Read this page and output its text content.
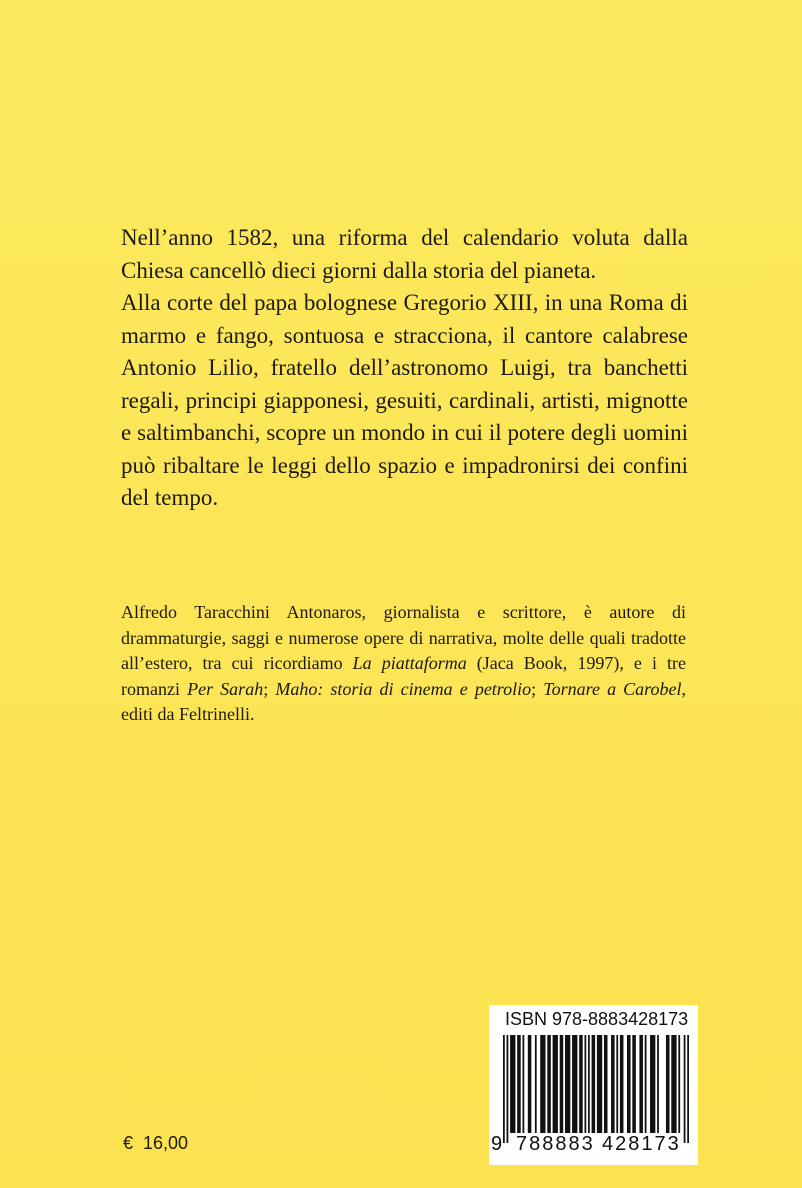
Nell’anno 1582, una riforma del calendario voluta dalla Chiesa cancellò dieci giorni dalla storia del pianeta.

Alla corte del papa bolognese Gregorio XIII, in una Roma di marmo e fango, sontuosa e stracciona, il cantore calabrese Antonio Lilio, fratello dell’astronomo Luigi, tra banchetti regali, principi giapponesi, gesuiti, cardinali, artisti, mignotte e saltimbanchi, scopre un mondo in cui il potere degli uomini può ribaltare le leggi dello spazio e impadronirsi dei confini del tempo.

Alfredo Taracchini Antonaros, giornalista e scrittore, è autore di drammaturgie, saggi e numerose opere di narrativa, molte delle quali tradotte all’estero, tra cui ricordiamo La piattaforma (Jaca Book, 1997), e i tre romanzi Per Sarah; Maho: storia di cinema e petrolio; Tornare a Carobel, editi da Feltrinelli.

€ 16,00
ISBN 978-8883428173
9 788883 428173
